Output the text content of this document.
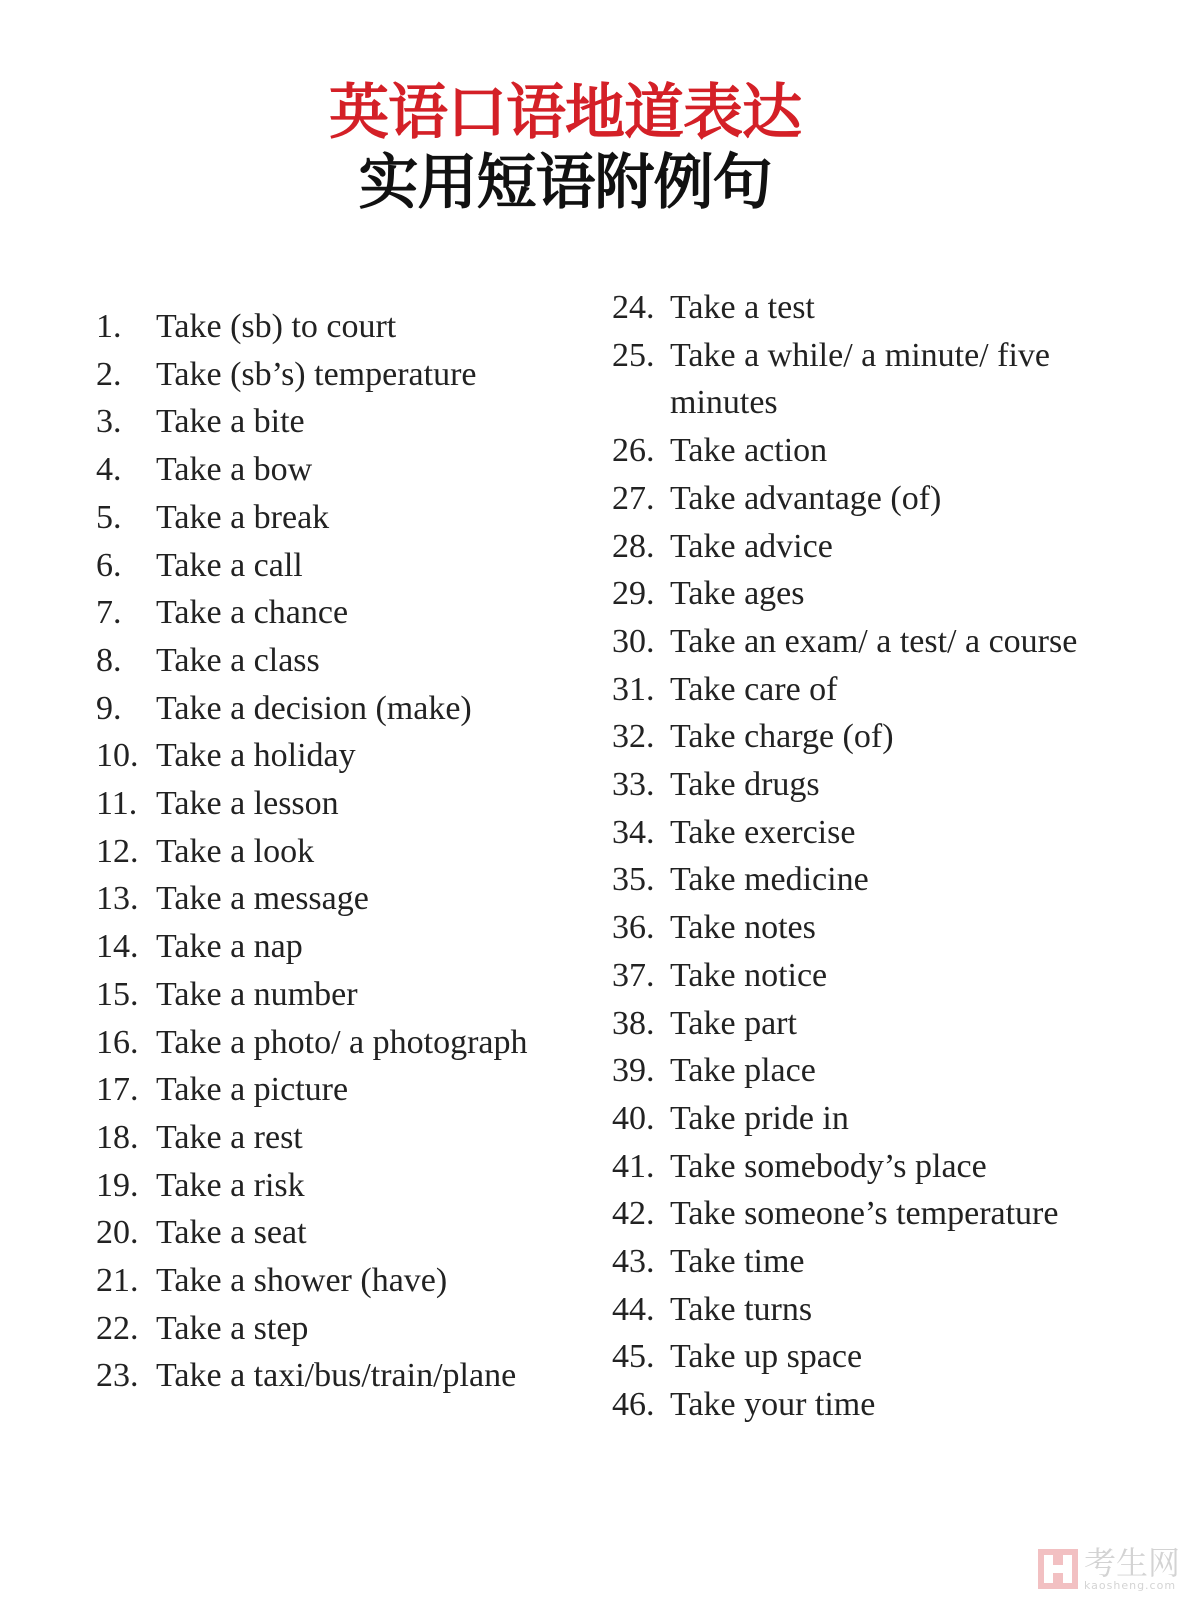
英语口语地道表达
实用短语附例句
1.	Take (sb) to court
2.	Take (sb’s) temperature
3.	Take a bite
4.	Take a bow
5.	Take a break
6.	Take a call
7.	Take a chance
8.	Take a class
9.	Take a decision (make)
10. Take a holiday
11. Take a lesson
12. Take a look
13. Take a message
14. Take a nap
15. Take a number
16. Take a photo/ a photograph
17. Take a picture
18. Take a rest
19. Take a risk
20. Take a seat
21. Take a shower (have)
22. Take a step
23. Take a taxi/bus/train/plane
24. Take a test
25. Take a while/ a minute/ five minutes
26. Take action
27. Take advantage (of)
28. Take advice
29. Take ages
30. Take an exam/ a test/ a course
31. Take care of
32. Take charge (of)
33. Take drugs
34. Take exercise
35. Take medicine
36. Take notes
37. Take notice
38. Take part
39. Take place
40. Take pride in
41. Take somebody’s place
42. Take someone’s temperature
43. Take time
44. Take turns
45. Take up space
46. Take your time
考生网
kaosheng.com
